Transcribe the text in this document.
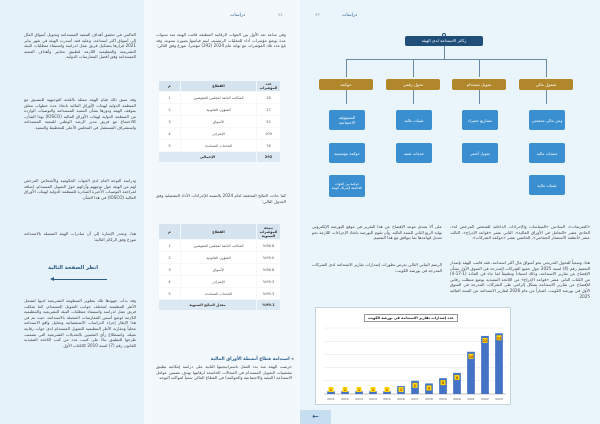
العالمي في تحقيق أهداف التنمية المستدامة وتحويل أسواق المال إلى أسواق أكثر استدامة. وعليه فقد أصدرت الهيئة في شهر يناير 2021 قرارها بتشكيل فريق عمل لدراسة واستيفاء متطلبات البيئة التشريعية والتنظيمية اللازمة لتطبيق معايير وأهداف التنمية المستدامة وفق أفضل الممارسات الدولية.
وقد سبق ذلك قيام الهيئة ممثلة باللجنة التوجيهية للتنسيق مع المنظمة الدولية لهيئات الأوراق المالية باتخاذ عدة خطوات تتعلق بموقف الهيئة ودورها بشأن التنمية المستدامة والتوصيات الواردة من المنظمة الدولية لهيئات الأوراق المالية (IOSCO) بهذا الشأن، كالاجتماع مع فريق مدير الرصد الوطني للتنمية المستدامة واستشراف المستقبل في المجلس الأعلى للتخطيط والتنمية.
ودراسة التوجه العام لدى الجهات الحكومية والأشخاص المرخص لهم من الهيئة حول توجههم وآرائهم حول التمويل المستدام، إضافة لمراجعة التوصيات الأخيرة الصادرة للمنظمة الدولية لهيئات الأوراق المالية (IOSCO) في هذا الشأن.
هذا، وتجدر الإشارة إلى أن مبادرات الهيئة المتصلة بالاستدامة تتوزع وفق الركائز التالية:
انظر الصفحة التالية
وقد بدأت جهودها تلك بتطوير المنظومة التشريعية لديها لتشمل الأطر التنظيمية لمختلف جوانب التمويل المستدام، كما شكلت فريق عمل لدراسة واستيفاء متطلبات البيئة التشريعية والتنظيمية اللازمة لوضع أسس الممارسات المتصلة بالاستدامة، حيث تم في هذا الإطار إجراء الدراسات الاستقصائية وتحليل واقع الاستدامة محلياً ومقارنة الأطر التنظيمية للتمويل المستدام لدى جهات رقابية مثيلة، واستطلاع رأي المعنيين بالتعديلات التشريعية التي تضمنت طرحها للتطبيق بناءً على كتيب عدد من كتب اللائحة التنفيذية للقانون رقم (7) لسنة 2010 كالكتاب الأول
دراسات	٧٤
وفي ساعة تعد الأول بين الجهات الرقابية المطبقة قامت الهيئة منذ سنوات عدة بوضع مؤشرات أداء للعمليات الرئيسية، ليتم قياسها بصورة سنوية، وقد بلغ عدد تلك المؤشرات مع نهاية عام 2024 (292) مؤشراً، تتوزع وفق التالي:
عدد المؤشرات	القطاع	م
28	المكاتب التابعة لمجلس المفوضين	1
27	الشؤون القانونية	2
52	الأسواق	3
109	الإشراف	4
76	الخدمات المساندة	5
292	الإجمالي	
كما جاءت النتائج المحققة لعام 2024 بالنسبة للإجراءات الأداء التشغيلية وفق الجدول التالي:
نتيجة المؤشرات السنوية	القطاع	م
%98.8	المكاتب التابعة لمجلس المفوضين	1
%99.0	الشؤون القانونية	2
%98.8	الأسواق	3
%99.3	الإشراف	4
%99.3	الخدمات المساندة	5
%99.1	معدل النتائج السنوية	
» استدامة قطاع أنشطة الأوراق المالية
حرصت الهيئة منذ بدء العمل باستراتيجيتها الثانية على دراسة إمكانية تطبيق مقتضيات التمويل المستدام في المجالات الخاضعة لرقابتها بهدف تضمين عوامل الاستدامة (البيئية والاجتماعية والحوكمة) في القطاع المالي سعياً لمواكبة التوجه
دراسات
٧٣
ركائز الاستدامة لدى الهيئة
شمول مالي
تمويل مستدام
تحول رقمي
حوكمة
وعي مالي مجتمعي
منتجات مالية
تقنيات مالية
مشاريع خضراء
تمويل أخضر
تقنيات مالية
خدمات تقنية
المسؤولية الاجتماعية
حوكمة مؤسسية
حوكمة بين الجهات الخاضعة لإشراف الهيئة
«التعريفات»، السادس «السياسات والإجراءات الداخلية للشخص المرخص له»، الحادي عشر «التعامل في الأوراق المالية»، الثاني عشر «قواعد الإدراج»، الثالث عشر «أنظمة الاستثمار الجماعي»، الخامس عشر «حوكمة الشركات».
هذا، وسعياً للتحول التدريجي نحو أسواق مال أكثر استدامة، فقد قامت الهيئة بإصدار التعميم رقم (4) لسنة 2025 حول جميع الشركات المدرجة في السوق الأول بشأن الإفصاح عن تقارير الاستدامة، وذلك استناداً وتطبيقاً لما جاء في المادة (1-17-4) من الكتاب الثاني عشر «قواعد الإدراج» من اللائحة التنفيذية بوضع متطلب رقابي للإفصاح عن تقارير الاستدامة بشكل إلزامي على الشركات المدرجة في السوق الأول في بورصة الكويت، اعتباراً من عام 2026 لتقارير الاستدامة عن السنة المالية 2025.
على ألا يتعدى موعد الإفصاح عن هذا التقرير في موقع البورصة الإلكتروني نهاية الربع الثاني للسنة التالية. وأن تقوم البورصة باتخاذ الإجراءات اللازمة نحو تعديل قواعدها بما يتوافق مع هذا التعميم.
الرسم البياني التالي يعرض تطورات إصدارات تقارير الاستدامة لدى الشركات المدرجة في بورصة الكويت:
عدد إصدارات تقارير الاستدامة في بورصة الكويت
1
2011
1
2012
1
2013
1
2014
1
2015
3
2016
5
2017
4
2018
6
2019
8
2020
16
2021
22
2022
23
2023
←
